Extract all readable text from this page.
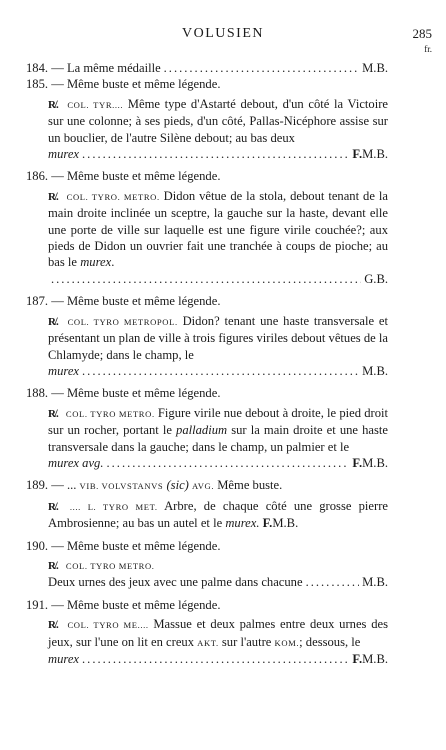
VOLUSIEN	285
fr.
184.
— La même médaille .....	M.B.
185.
— Même buste et même légende.
R̸. COL. TYR.... Même type d'Astarté debout, d'un côté la Victoire sur une colonne; à ses pieds, d'un côté, Pallas-Nicéphore assise sur un bouclier, de l'autre Silène debout; au bas deux
murex .....	F. M.B.
186.
— Même buste et même légende.
R̸. COL. TYRO. METRO. Didon vêtue de la stola, debout tenant de la main droite inclinée un sceptre, la gauche sur la haste, devant elle une porte de ville sur laquelle est une figure virile couchée?; aux pieds de Didon un ouvrier fait une tranchée à coups de pioche; au bas le murex.
.....
G.B.
187.
— Même buste et même légende.
R̸. COL. TYRO METROPOL. Didon? tenant une haste transversale et présentant un plan de ville à trois figures viriles debout vêtues de la Chlamyde; dans le champ, le
murex .....	M.B.
188.
— Même buste et même légende.
R̸. COL. TYRO METRO. Figure virile nue debout à droite, le pied droit sur un rocher, portant le palladium sur la main droite et une haste transversale dans la gauche; dans le champ, un palmier et le
murex avg. .....	F. M.B.
189.
— ...
VIB. VOLVSTANVS
(sic)
AVG.
Même buste.
R̸. .... L. TYRO MET. Arbre, de chaque côté une grosse pierre Ambrosienne; au bas un autel et le murex. F.M.B.
190.
— Même buste et même légende.
R̸. COL. TYRO METRO.
Deux urnes des jeux avec une palme dans chacune .....	M.B.
191.
— Même buste et même légende.
R̸. COL. TYRO ME.... Massue et deux palmes entre deux urnes des jeux, sur l'une on lit en creux AKT. sur l'autre KOM.; dessous, le
murex .....	F. M.B.
